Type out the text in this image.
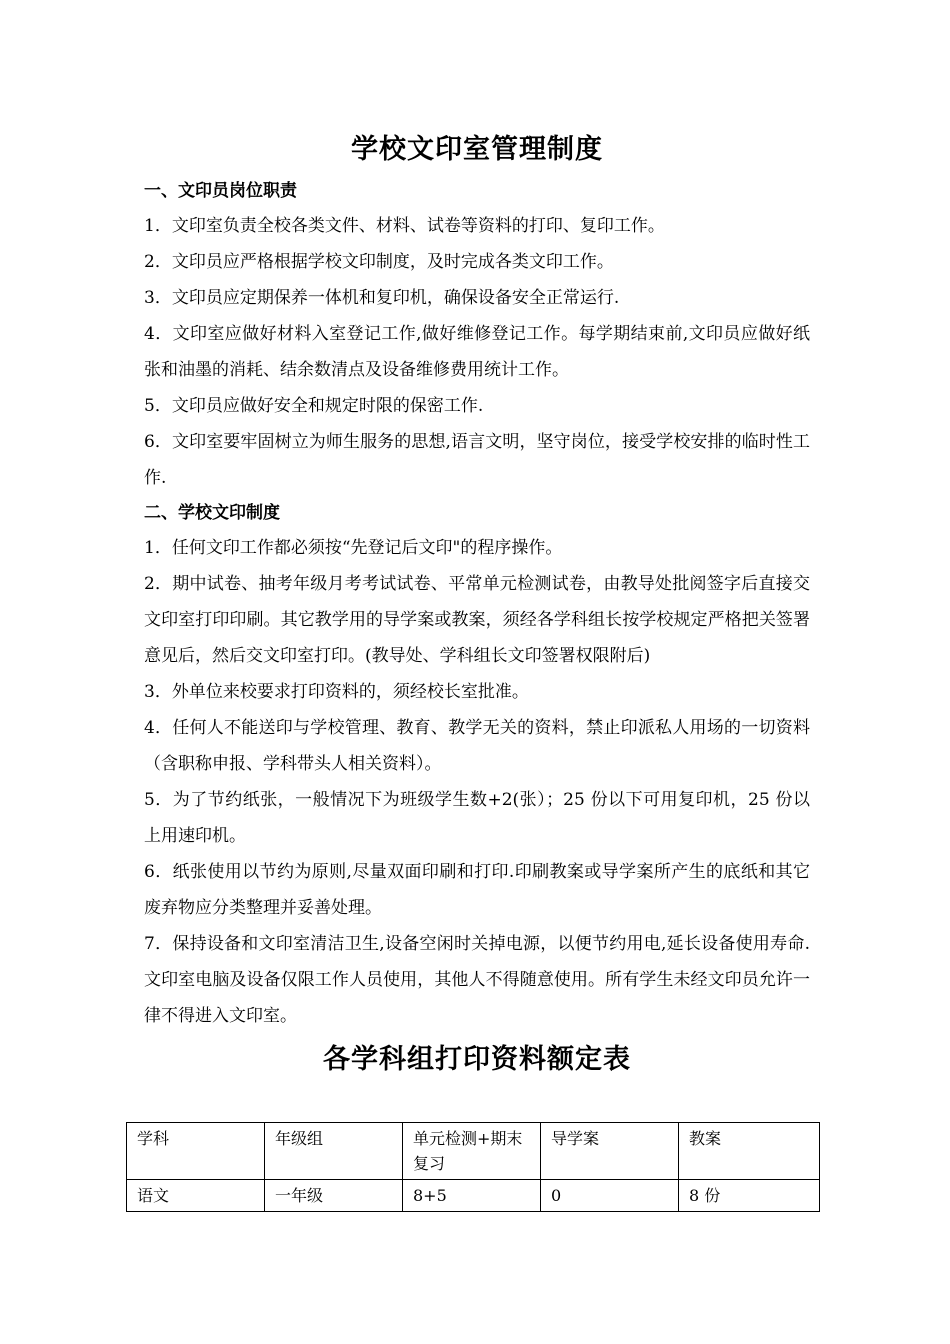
学校文印室管理制度
一、文印员岗位职责

1．文印室负责全校各类文件、材料、试卷等资料的打印、复印工作。

2．文印员应严格根据学校文印制度，及时完成各类文印工作。

3．文印员应定期保养一体机和复印机，确保设备安全正常运行.

4．文印室应做好材料入室登记工作,做好维修登记工作。每学期结束前,文印员应做好纸张和油墨的消耗、结余数清点及设备维修费用统计工作。

5．文印员应做好安全和规定时限的保密工作.

6．文印室要牢固树立为师生服务的思想,语言文明，坚守岗位，接受学校安排的临时性工作.

二、学校文印制度

1．任何文印工作都必须按“先登记后文印"的程序操作。

2．期中试卷、抽考年级月考考试试卷、平常单元检测试卷，由教导处批阅签字后直接交文印室打印印刷。其它教学用的导学案或教案，须经各学科组长按学校规定严格把关签署意见后，然后交文印室打印。(教导处、学科组长文印签署权限附后)

3．外单位来校要求打印资料的，须经校长室批准。

4．任何人不能送印与学校管理、教育、教学无关的资料，禁止印派私人用场的一切资料（含职称申报、学科带头人相关资料）。

5．为了节约纸张，一般情况下为班级学生数+2(张）；25 份以下可用复印机，25 份以上用速印机。

6．纸张使用以节约为原则,尽量双面印刷和打印.印刷教案或导学案所产生的底纸和其它废弃物应分类整理并妥善处理。

7．保持设备和文印室清洁卫生,设备空闲时关掉电源，以便节约用电,延长设备使用寿命.文印室电脑及设备仅限工作人员使用，其他人不得随意使用。所有学生未经文印员允许一律不得进入文印室。

各学科组打印资料额定表
学科	年级组	单元检测+期末复习	导学案	教案
语文	一年级	8+5	0	8 份
